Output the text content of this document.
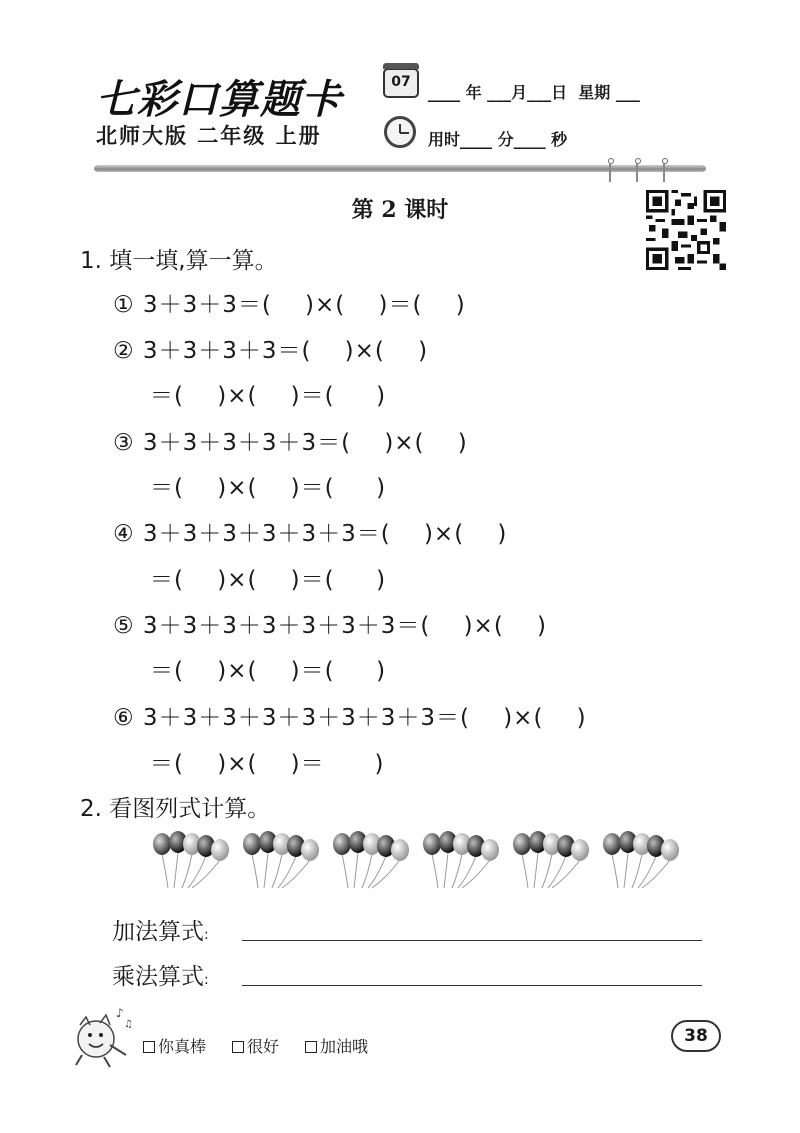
七彩口算题卡
北师大版 二年级 上册
07
____ 年 ___月___日  星期 ___
用时____ 分____ 秒
第 2 课时
1. 填一填,算一算。
① 3＋3＋3＝(    )×(    )＝(    )
② 3＋3＋3＋3＝(    )×(    )
＝(    )×(    )＝(     )
③ 3＋3＋3＋3＋3＝(    )×(    )
＝(    )×(    )＝(     )
④ 3＋3＋3＋3＋3＋3＝(    )×(    )
＝(    )×(    )＝(     )
⑤ 3＋3＋3＋3＋3＋3＋3＝(    )×(    )
＝(    )×(    )＝(     )
⑥ 3＋3＋3＋3＋3＋3＋3＋3＝(    )×(    )
＝(    )×(    )＝      )
2. 看图列式计算。
加法算式:
乘法算式:
♪
♫
你真棒	很好	加油哦
38
